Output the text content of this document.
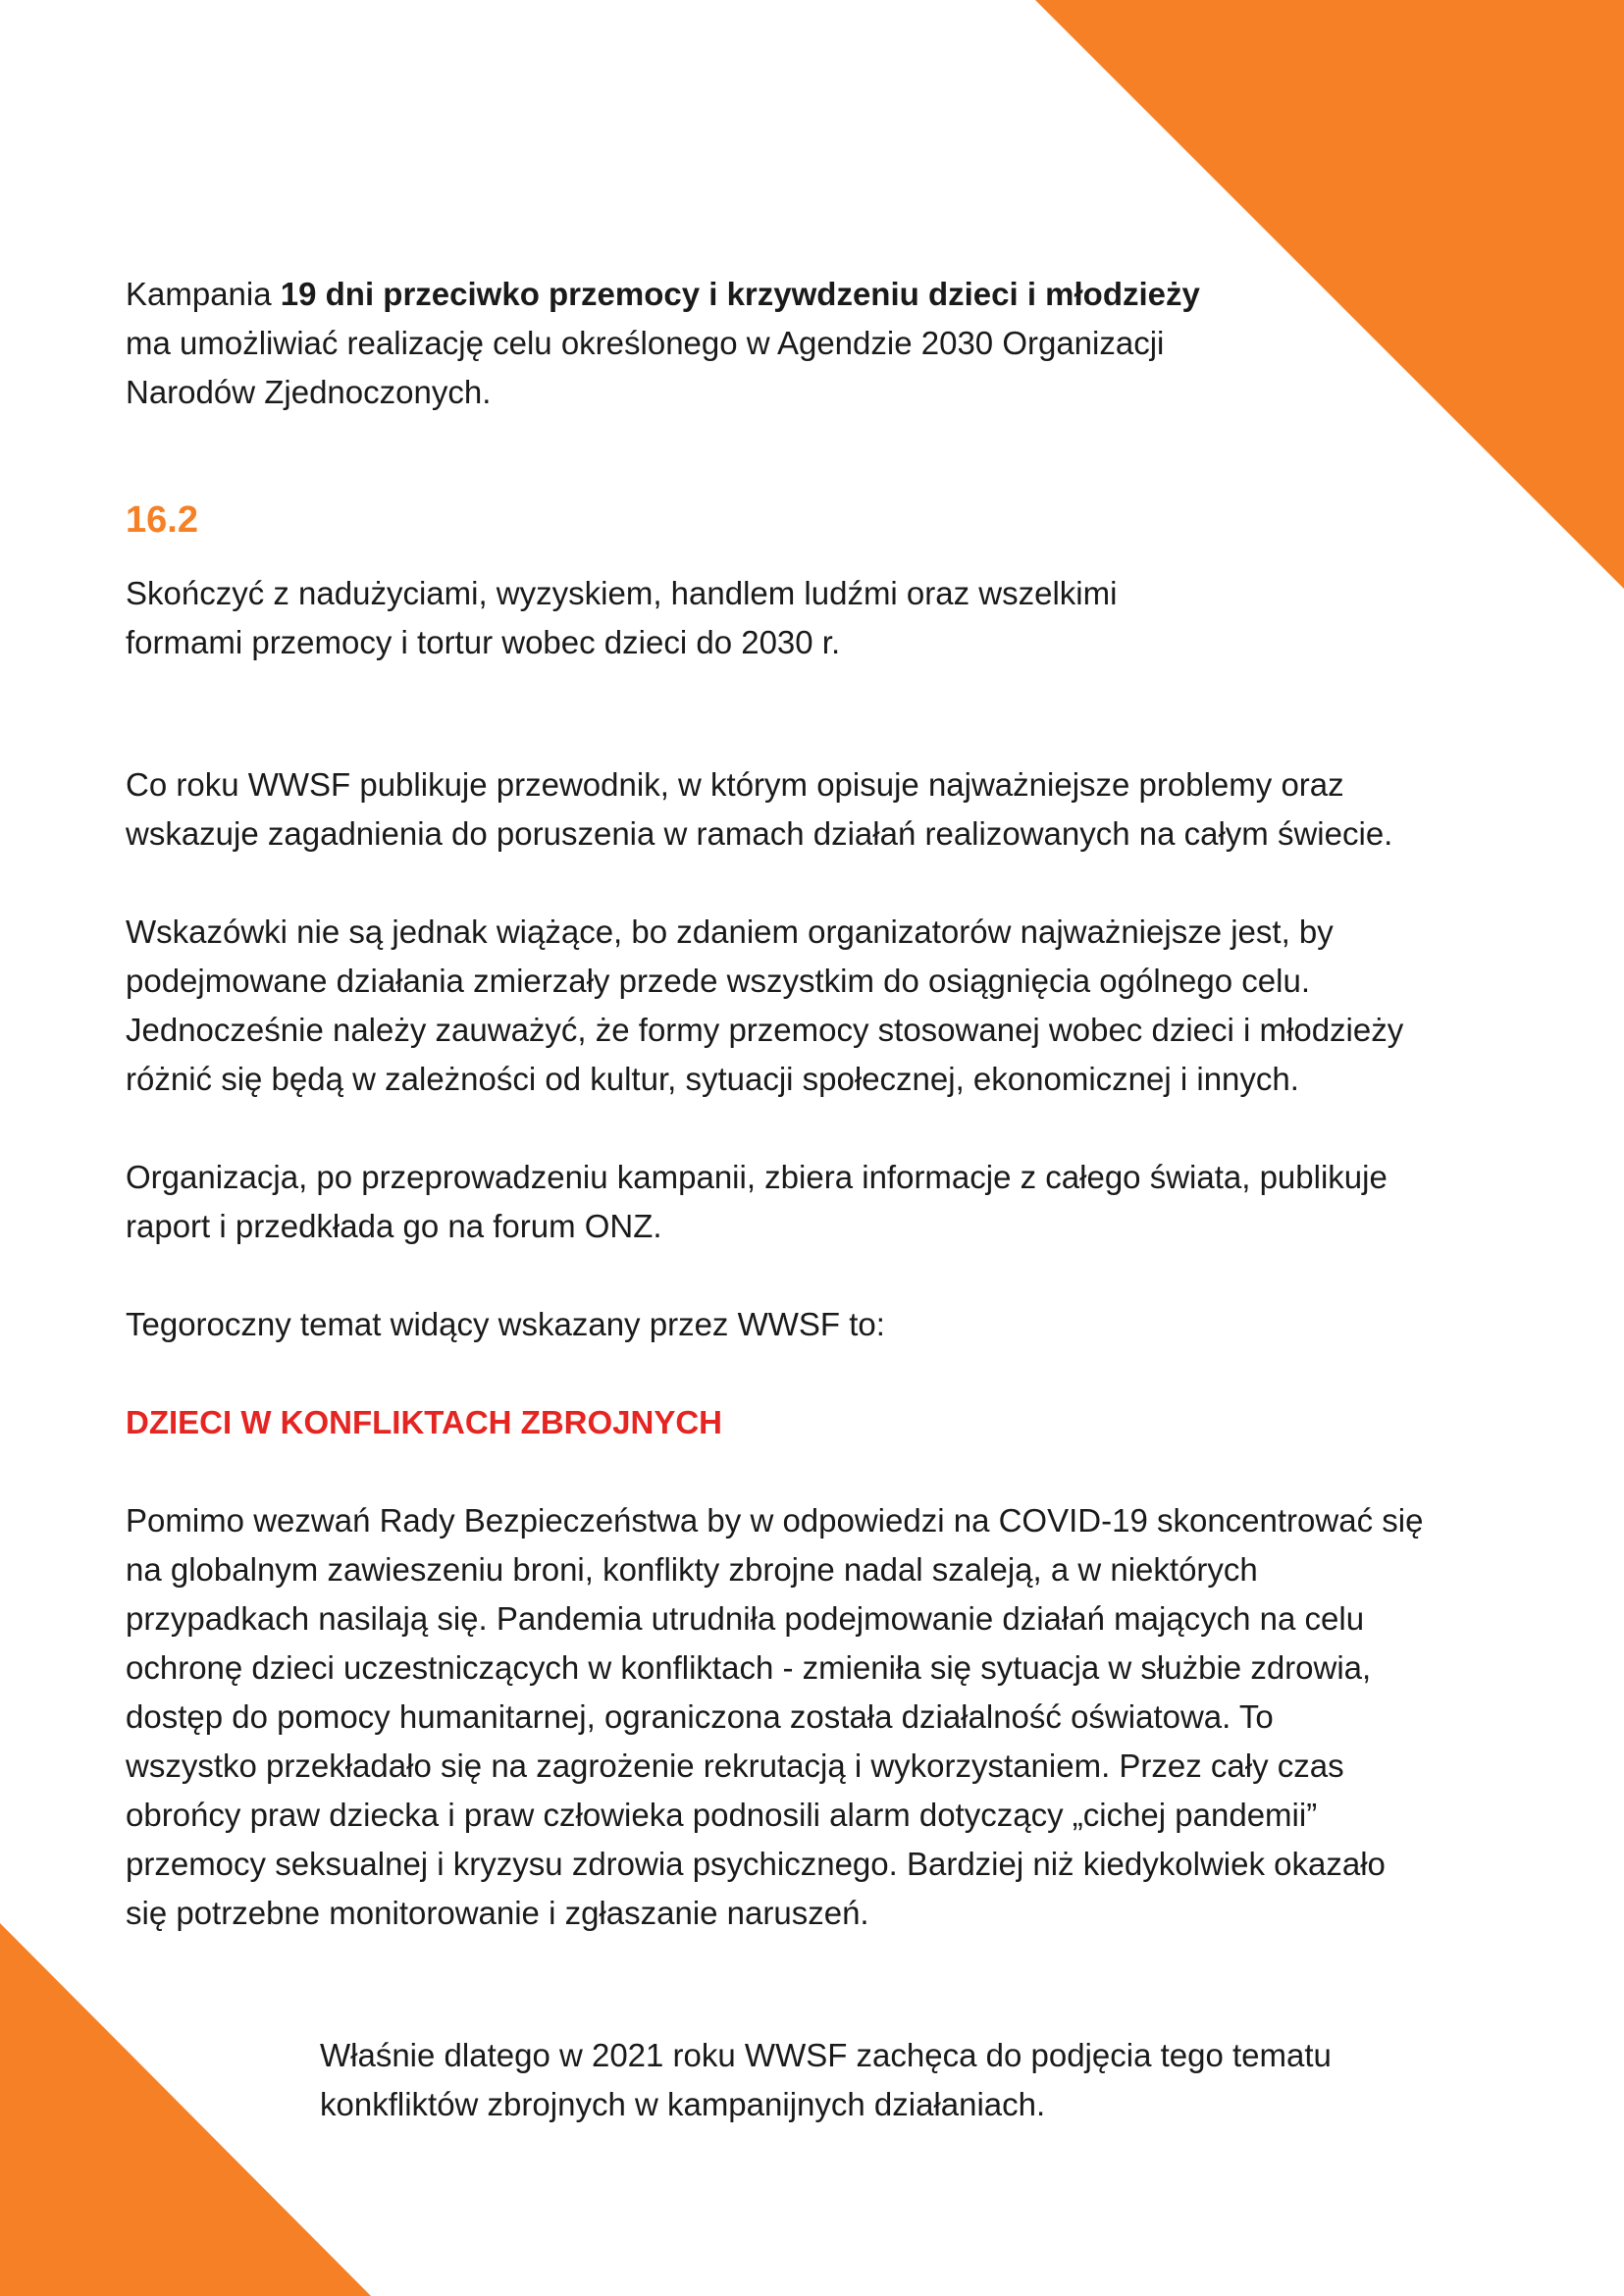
Kampania 19 dni przeciwko przemocy i krzywdzeniu dzieci i młodzieży
ma umożliwiać realizację celu określonego w Agendzie 2030 Organizacji
Narodów Zjednoczonych.

16.2

Skończyć z nadużyciami, wyzyskiem, handlem ludźmi oraz wszelkimi
formami przemocy i tortur wobec dzieci do 2030 r.

Co roku WWSF publikuje przewodnik, w którym opisuje najważniejsze problemy oraz
wskazuje zagadnienia do poruszenia w ramach działań realizowanych na całym świecie.

Wskazówki nie są jednak wiążące, bo zdaniem organizatorów najważniejsze jest, by
podejmowane działania zmierzały przede wszystkim do osiągnięcia ogólnego celu.
Jednocześnie należy zauważyć, że formy przemocy stosowanej wobec dzieci i młodzieży
różnić się będą w zależności od kultur, sytuacji społecznej, ekonomicznej i innych.

Organizacja, po przeprowadzeniu kampanii, zbiera informacje z całego świata, publikuje
raport i przedkłada go na forum ONZ.

Tegoroczny temat widący wskazany przez WWSF to:

DZIECI W KONFLIKTACH ZBROJNYCH

Pomimo wezwań Rady Bezpieczeństwa by w odpowiedzi na COVID-19 skoncentrować się
na globalnym zawieszeniu broni, konflikty zbrojne nadal szaleją, a w niektórych
przypadkach nasilają się. Pandemia utrudniła podejmowanie działań mających na celu
ochronę dzieci uczestniczących w konfliktach - zmieniła się sytuacja w służbie zdrowia,
dostęp do pomocy humanitarnej, ograniczona została działalność oświatowa. To
wszystko przekładało się na zagrożenie rekrutacją i wykorzystaniem. Przez cały czas
obrońcy praw dziecka i praw człowieka podnosili alarm dotyczący „cichej pandemii”
przemocy seksualnej i kryzysu zdrowia psychicznego. Bardziej niż kiedykolwiek okazało
się potrzebne monitorowanie i zgłaszanie naruszeń.

Właśnie dlatego w 2021 roku WWSF zachęca do podjęcia tego tematu
konkfliktów zbrojnych w kampanijnych działaniach.
